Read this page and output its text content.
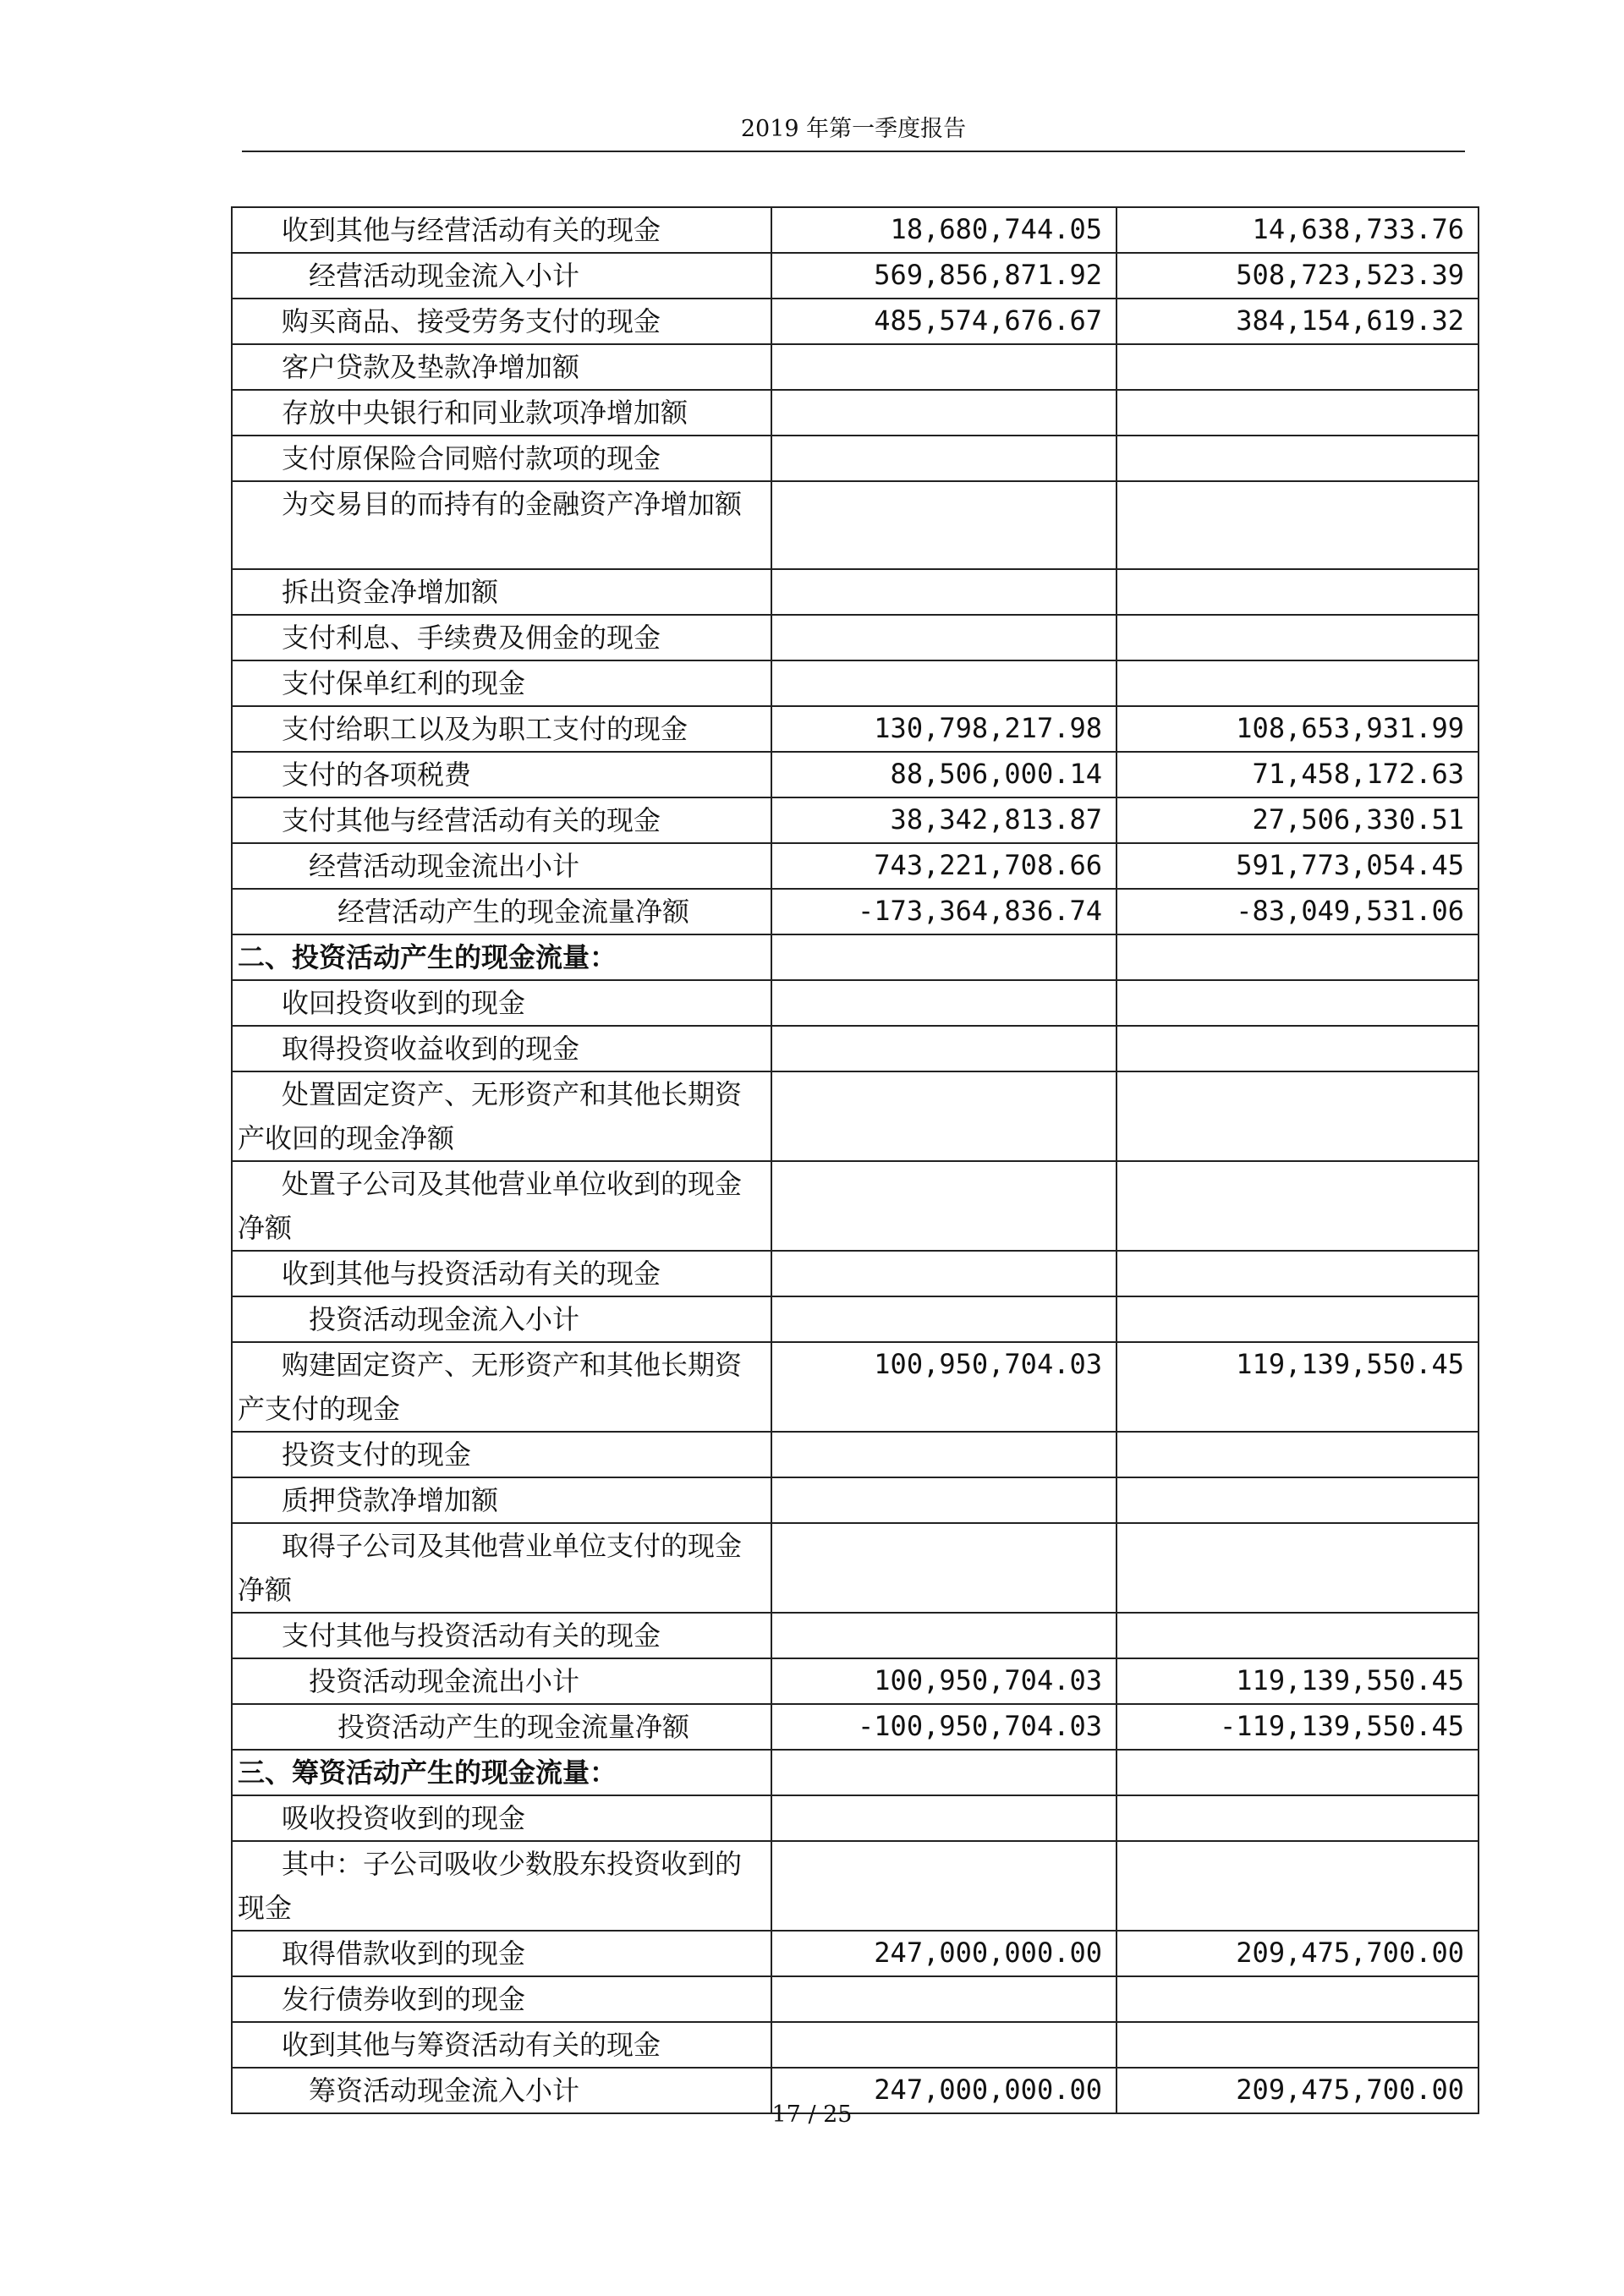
2019 年第一季度报告
收到其他与经营活动有关的现金	18,680,744.05	14,638,733.76
经营活动现金流入小计	569,856,871.92	508,723,523.39
购买商品、接受劳务支付的现金	485,574,676.67	384,154,619.32
客户贷款及垫款净增加额		
存放中央银行和同业款项净增加额		
支付原保险合同赔付款项的现金		
为交易目的而持有的金融资产净增加额		
拆出资金净增加额		
支付利息、手续费及佣金的现金		
支付保单红利的现金		
支付给职工以及为职工支付的现金	130,798,217.98	108,653,931.99
支付的各项税费	88,506,000.14	71,458,172.63
支付其他与经营活动有关的现金	38,342,813.87	27,506,330.51
经营活动现金流出小计	743,221,708.66	591,773,054.45
经营活动产生的现金流量净额	-173,364,836.74	-83,049,531.06
二、投资活动产生的现金流量：		
收回投资收到的现金		
取得投资收益收到的现金		
处置固定资产、无形资产和其他长期资产收回的现金净额		
处置子公司及其他营业单位收到的现金净额		
收到其他与投资活动有关的现金		
投资活动现金流入小计		
购建固定资产、无形资产和其他长期资产支付的现金	100,950,704.03	119,139,550.45
投资支付的现金		
质押贷款净增加额		
取得子公司及其他营业单位支付的现金净额		
支付其他与投资活动有关的现金		
投资活动现金流出小计	100,950,704.03	119,139,550.45
投资活动产生的现金流量净额	-100,950,704.03	-119,139,550.45
三、筹资活动产生的现金流量：		
吸收投资收到的现金		
其中：子公司吸收少数股东投资收到的现金		
取得借款收到的现金	247,000,000.00	209,475,700.00
发行债券收到的现金		
收到其他与筹资活动有关的现金		
筹资活动现金流入小计	247,000,000.00	209,475,700.00
17 / 25
